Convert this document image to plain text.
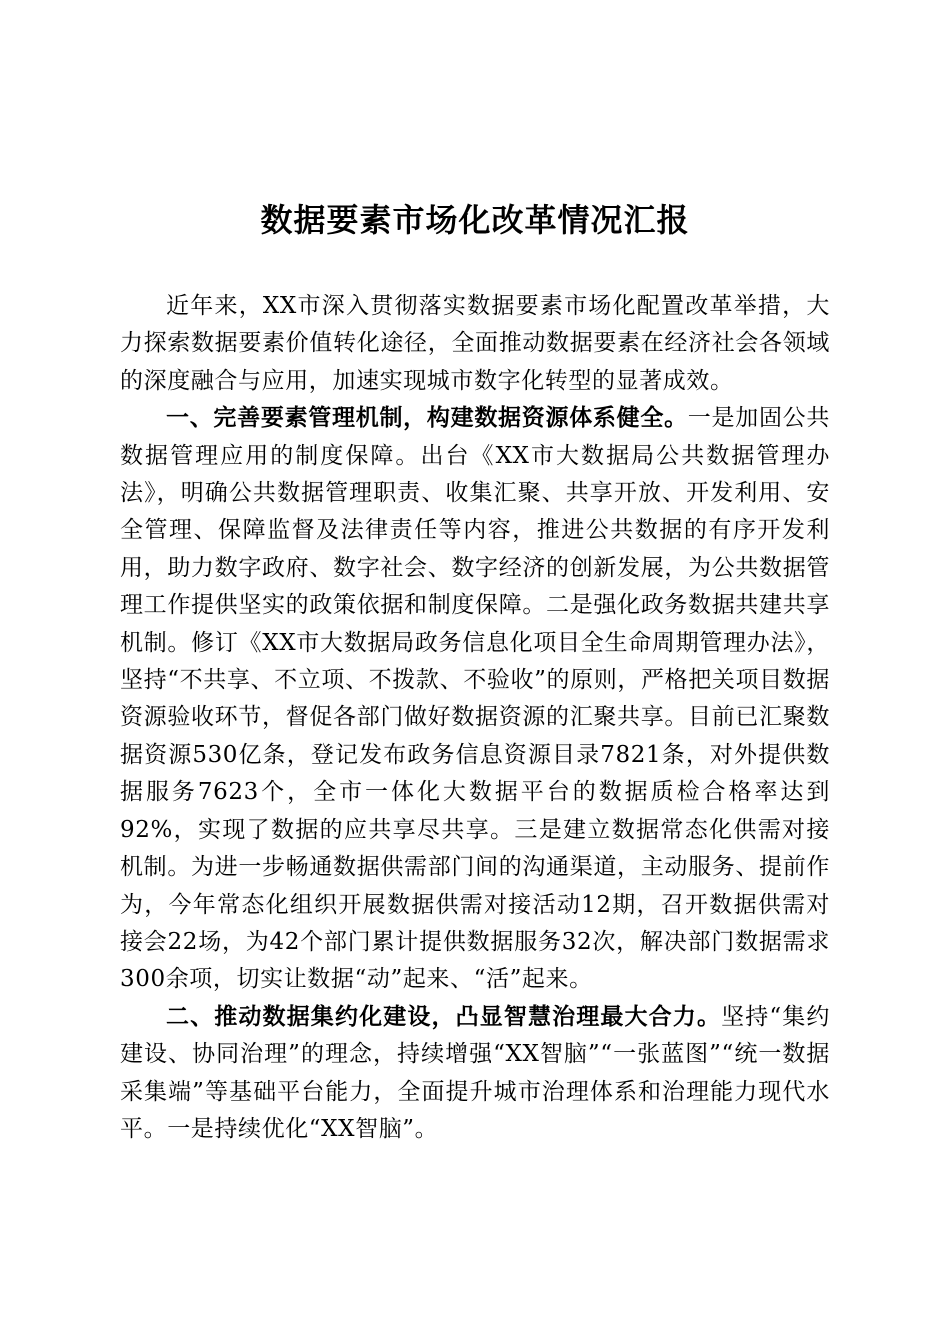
数据要素市场化改革情况汇报

近年来，XX市深入贯彻落实数据要素市场化配置改革举措，大力探索数据要素价值转化途径，全面推动数据要素在经济社会各领域的深度融合与应用，加速实现城市数字化转型的显著成效。

一、完善要素管理机制，构建数据资源体系健全。一是加固公共数据管理应用的制度保障。出台《XX市大数据局公共数据管理办法》，明确公共数据管理职责、收集汇聚、共享开放、开发利用、安全管理、保障监督及法律责任等内容，推进公共数据的有序开发利用，助力数字政府、数字社会、数字经济的创新发展，为公共数据管理工作提供坚实的政策依据和制度保障。二是强化政务数据共建共享机制。修订《XX市大数据局政务信息化项目全生命周期管理办法》，坚持“不共享、不立项、不拨款、不验收”的原则，严格把关项目数据资源验收环节，督促各部门做好数据资源的汇聚共享。目前已汇聚数据资源530亿条，登记发布政务信息资源目录7821条，对外提供数据服务7623个，全市一体化大数据平台的数据质检合格率达到92%，实现了数据的应共享尽共享。三是建立数据常态化供需对接机制。为进一步畅通数据供需部门间的沟通渠道，主动服务、提前作为，今年常态化组织开展数据供需对接活动12期，召开数据供需对接会22场，为42个部门累计提供数据服务32次，解决部门数据需求300余项，切实让数据“动”起来、“活”起来。

二、推动数据集约化建设，凸显智慧治理最大合力。坚持“集约建设、协同治理”的理念，持续增强“XX智脑”“一张蓝图”“统一数据采集端”等基础平台能力，全面提升城市治理体系和治理能力现代水平。一是持续优化“XX智脑”。
